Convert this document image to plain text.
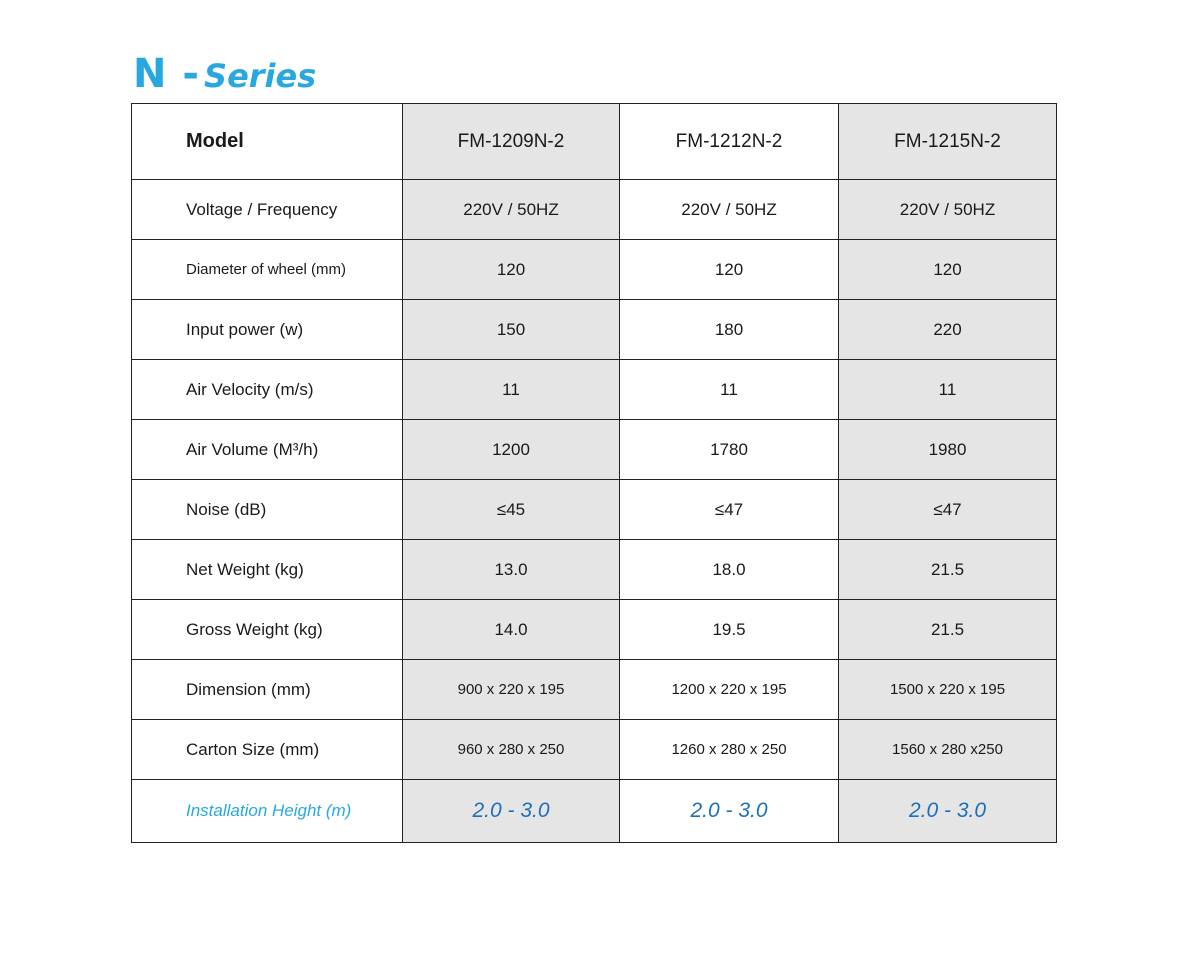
N - Series
Model	FM-1209N-2	FM-1212N-2	FM-1215N-2
Voltage / Frequency	220V / 50HZ	220V / 50HZ	220V / 50HZ
Diameter of wheel (mm)	120	120	120
Input power (w)	150	180	220
Air Velocity (m/s)	11	11	11
Air Volume (M³/h)	1200	1780	1980
Noise (dB)	≤45	≤47	≤47
Net Weight (kg)	13.0	18.0	21.5
Gross Weight (kg)	14.0	19.5	21.5
Dimension (mm)	900 x 220 x 195	1200 x 220 x 195	1500 x 220 x 195
Carton Size (mm)	960 x 280 x 250	1260 x 280 x 250	1560 x 280 x250
Installation Height (m)	2.0 - 3.0	2.0 - 3.0	2.0 - 3.0
